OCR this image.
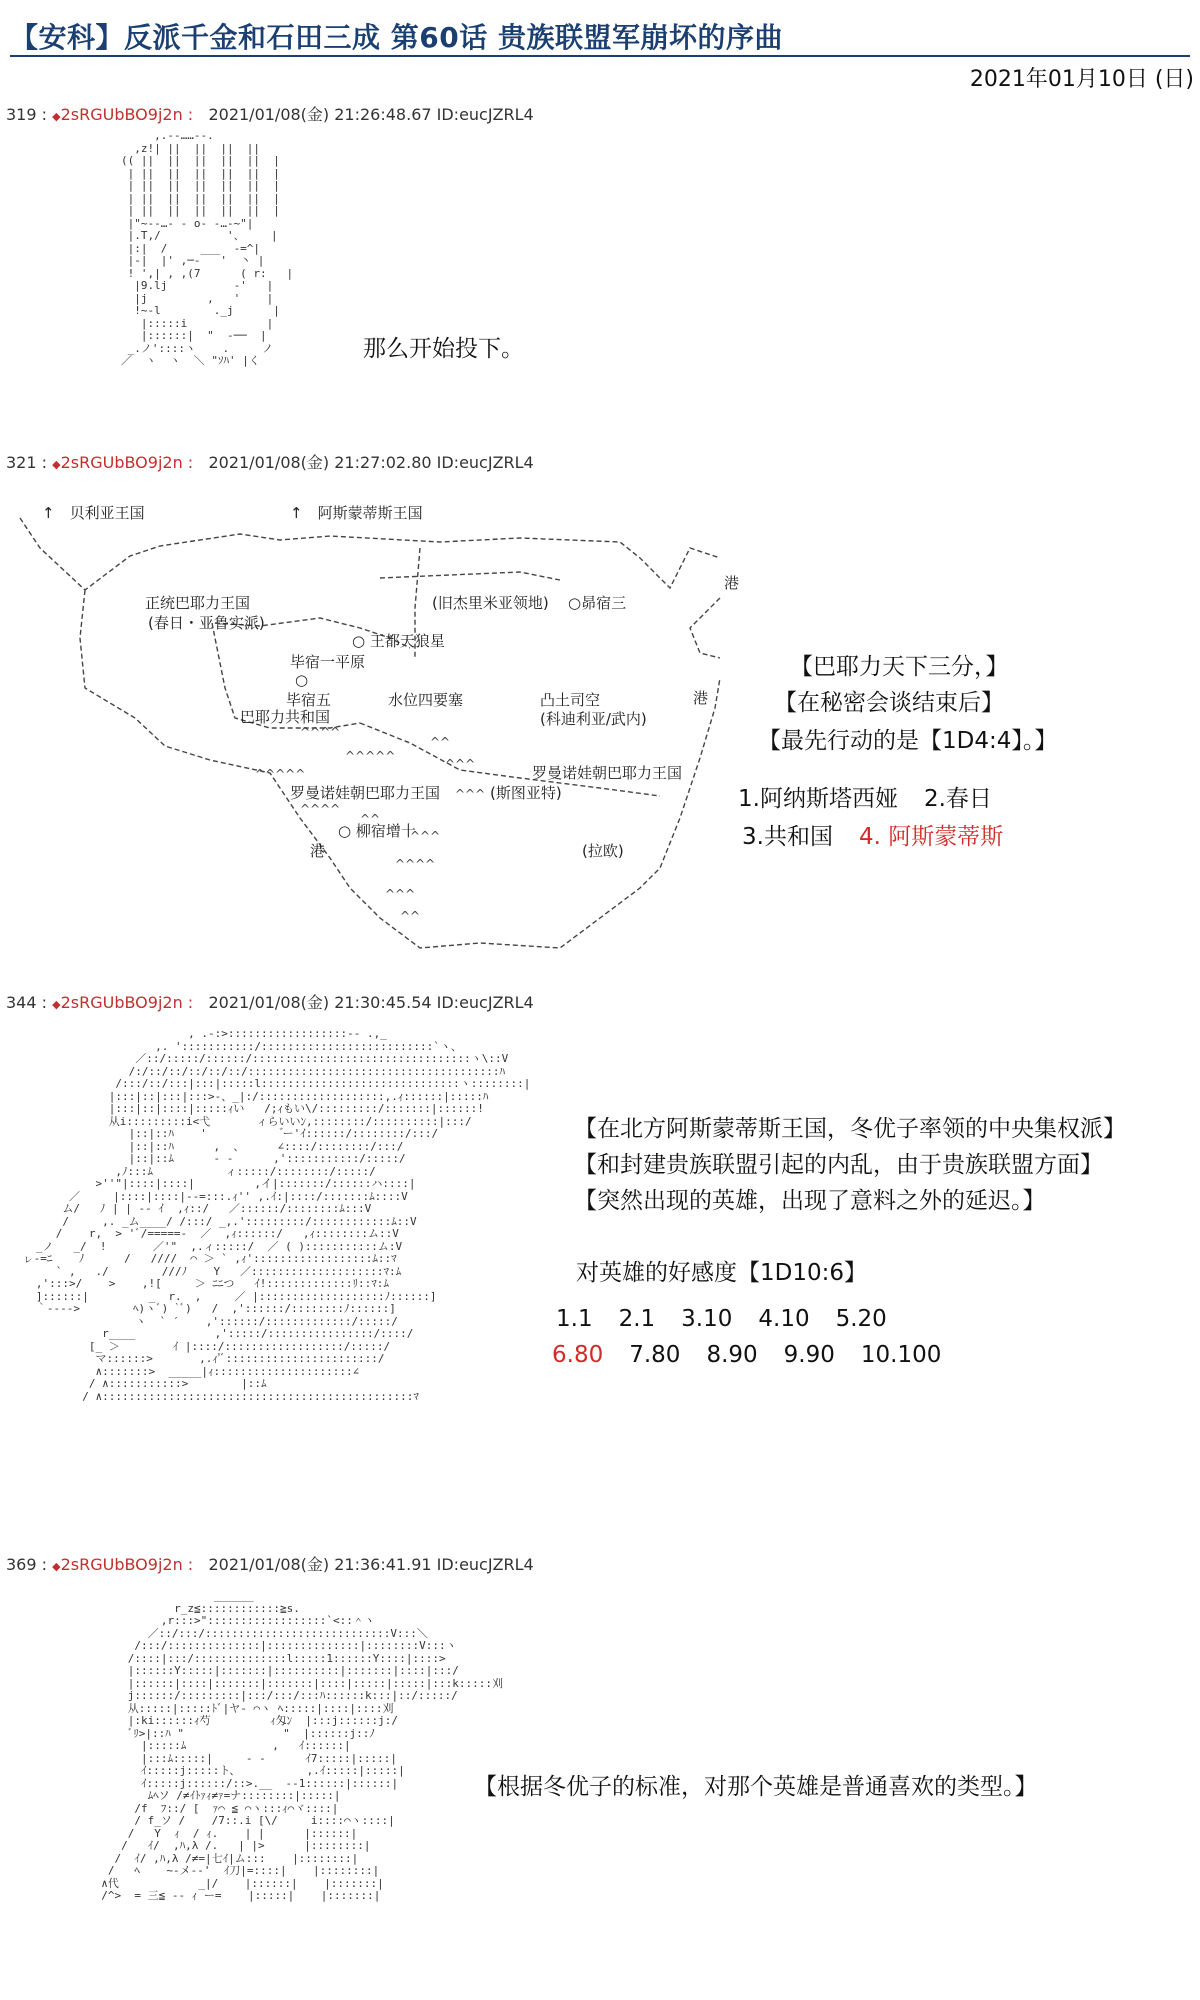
【安科】反派千金和石田三成 第60话 贵族联盟军崩坏的序曲
2021年01月10日 (日)
319 : ◆2sRGUbBO9j2n : 2021/01/08(金) 21:26:48.67 ID:eucJZRL4
,.-‐……‐-.
,z!| ||  ||  ||  ||
(( ||  ||  ||  ||  ||  |
| ||  ||  ||  ||  ||  |
| ||  ||  ||  ||  ||  |
| ||  ||  ||  ||  ||  |
| ||  ||  ||  ||  ||  |
|"~-‐…‐ ‐ o‐ ‐…‐~"|
|.T,/          '、    |
|:|  /     ___  -=^|
|-|  |' ,─‐   '  丶 |
! ',| , ,(7      ( r:   |
|9.lj          ‐'   |
|j         ,   '    |
!~-l        ._j      |
|:::::i            |
|::::::|  "  ‐──  |
_.ノ'::::ヽ    .     ノ
／  ヽ  ヽ  ＼ "ｿﾊ' |く	那么开始投下。
321 : ◆2sRGUbBO9j2n : 2021/01/08(金) 21:27:02.80 ID:eucJZRL4
^^^^
^^^^^
^^
^^^
^^^^^
^^^
^^^^
^^
^^^
^^^^
^^^
^^
↑　贝利亚王国	↑　阿斯蒙蒂斯王国
正统巴耶力王国
(春日・亚鲁实派)
(旧杰里米亚领地) ○昴宿三
○ 王都天狼星
毕宿一平原
○
毕宿五
巴耶力共和国
水位四要塞	凸土司空
(科迪利亚/武内)
港
港
港
罗曼诺娃朝巴耶力王国
罗曼诺娃朝巴耶力王国	(斯图亚特)
○ 柳宿增十
(拉欧)
【巴耶力天下三分，】
【在秘密会谈结束后】
【最先行动的是【1D4:4】。】
1.阿纳斯塔西娅 2.春日
3.共和国 4. 阿斯蒙蒂斯
344 : ◆2sRGUbBO9j2n : 2021/01/08(金) 21:30:45.54 ID:eucJZRL4
, .-:>::::::::::::::::::‐- .,_
,. ':::::::::::/::::::::::::::::::::::::::`ヽ、
／::/:::::/::::::/:::::::::::::::::::::::::::::::::ヽ\::V
/:/::/::/::/::/::/::::::::::::::::::::::::::::::::::::::ﾊ
/:::/::/:::|:::|:::::l::::::::::::::::::::::::::::::ヽ::::::::|
|:::|::|:::|:::>-、_|:/:::::::::::::::::::,.ｨ::::::|:::::ﾊ
|:::|::|::::|:::::ｨい   /;ｨもい\/:::::::::/:::::::|::::::!
从i:::::::::i<弋       ィらいいﾝ,::::::::/::::::::::|:::/
|::|::ﾊ    '            ゙ー'ｲ::::::/::::::::/:::/
|::|::ﾊ      ,  、     ∠::::/::::::::/:::/
|::|::ﾑ      ‐ -      ,':::::::::::/:::::/
,ﾉ:::ﾑ           ィ:::::/::::::::/:::::/
>''"|::::|::::|         ,イ|:::::::/::::::ハ::::|
／     |::::|::::|-‐=:::.ｨ'' ,.ｲ:|::::/:::::::ﾑ::::V
ム/   ﾉ | | -‐ ｲ  ,ｨ::/   ／::::::/::::::::ﾑ:::V
/     ,. _ム____/ /:::/ _,.':::::::::/::::::::::::ﾑ::V
/    r,  > 'ﾞ/=====-  ／  ,ｨ::::::/   ,ｨ::::::::ム::V
_ノ   _/  !       ／'"  ,.ィ:::::/  ／ ( ):::::::::::ム:V
ㇾ-=ﾆ    ﾉ      /   ////  ⌒ ＞ ` ,ｨ'::::::::::::::::::ﾑ::ﾏ
` ,   ./        ///ﾉ    Y   ／::::::::::::::::::::ﾏ:ﾑ
,':::>/    >    ,![     ＞ ﾆﾆつ   ｲ!:::::::::::::ﾘ::ﾏ:ﾑ
]::::::|         _  r.  ,     ／ |:::::::::::::::::::ﾉ::::::]
｀---->        ﾍ)ヽﾞ) `ﾞ)   /  ,'::::::/::::::::ﾉ::::::]
ヽ  ` ′    ,'::::::/:::::::::::::/:::::/
r____            ,':::::/::::::::::::::::/::::/
[_ ＞        ｲ |::::/::::::::::::::::::/:::::/
マ::::::>       ,.ｨ'ﾞ:::::::::::::::::::::::/
∧:::::::>  _____|ｨ:::::::::::::::::::::∠
/ ∧:::::::::::>        |::ﾑ
/ ∧:::::::::::::::::::::::::::::::::::::::::::::::ﾏ

【在北方阿斯蒙蒂斯王国，冬优子率领的中央集权派】
【和封建贵族联盟引起的内乱，由于贵族联盟方面】
【突然出现的英雄，出现了意料之外的延迟。】
对英雄的好感度【1D10:6】
1.1 2.1 3.10 4.10 5.20
6.80 7.80 8.90 9.90 10.100
369 : ◆2sRGUbBO9j2n : 2021/01/08(金) 21:36:41.91 ID:eucJZRL4
______
r_z≦::::::::::::≧s.
,r:::>"::::::::::::::::::`<::＾ヽ
／::/:::/::::::::::::::::::::::::::::V:::＼
/:::/::::::::::::::|::::::::::::::|::::::::V:::ヽ
/::::|:::/::::::::::::::l:::::1::::::Y::::|::::>
|::::::Y:::::|:::::::|::::::::::|:::::::|::::|:::/
|::::::|::::|:::::::|:::::::|::::|:::::|:::::|:::k:::::刈
j::::::/:::::::::|:::/:::/:::ﾊ::::::k:::|::/:::::/
从:::::|:::::ﾄﾞ|ヤ- ⌒ヽ ﾍ:::::|::::|::::刈
|:ki::::::ｨ芍         ｨ匁ﾝ  |:::j::::::j:/
ﾞﾘ>|::ﾊ "               "  |::::::j::ﾉ
|:::::ﾑ             ,   ｲ::::::|
|:::ﾑ:::::|     ‐ -      ｲ7:::::|:::::|
ｲ:::::j:::::ト、          ,.ｲ:::::|:::::|
ｲ:::::j::::::/::>.__  --1::::::|::::::|
ﾑﾍソ /≠ｲﾄｧｨ≠ｧ=ナ::::::::|:::::|
/f  ﾌ::/ [  ｧ⌒ ≦ ⌒ヽ:::ｨ⌒ヾ::::|
/ f_ソ /    /7::.i [\/     i::::⌒ヽ::::|
/   Y  ｨ  / ｨ.    | |      |::::::|
/   ｲ/  ,ﾊ,λ /.   | |>      |::::::::|
/  ｲ/ ,ﾊ,λ /≠=|七ｲ|ム:::    |::::::::|
/   ﾍ    ~-メ-‐'  ｲ刀|=::::|    |::::::::|
∧代            _|/    |::::::|    |:::::::|
/^>  = 三≦ -- ｨ ー=    |:::::|    |:::::::|

【根据冬优子的标准，对那个英雄是普通喜欢的类型。】
